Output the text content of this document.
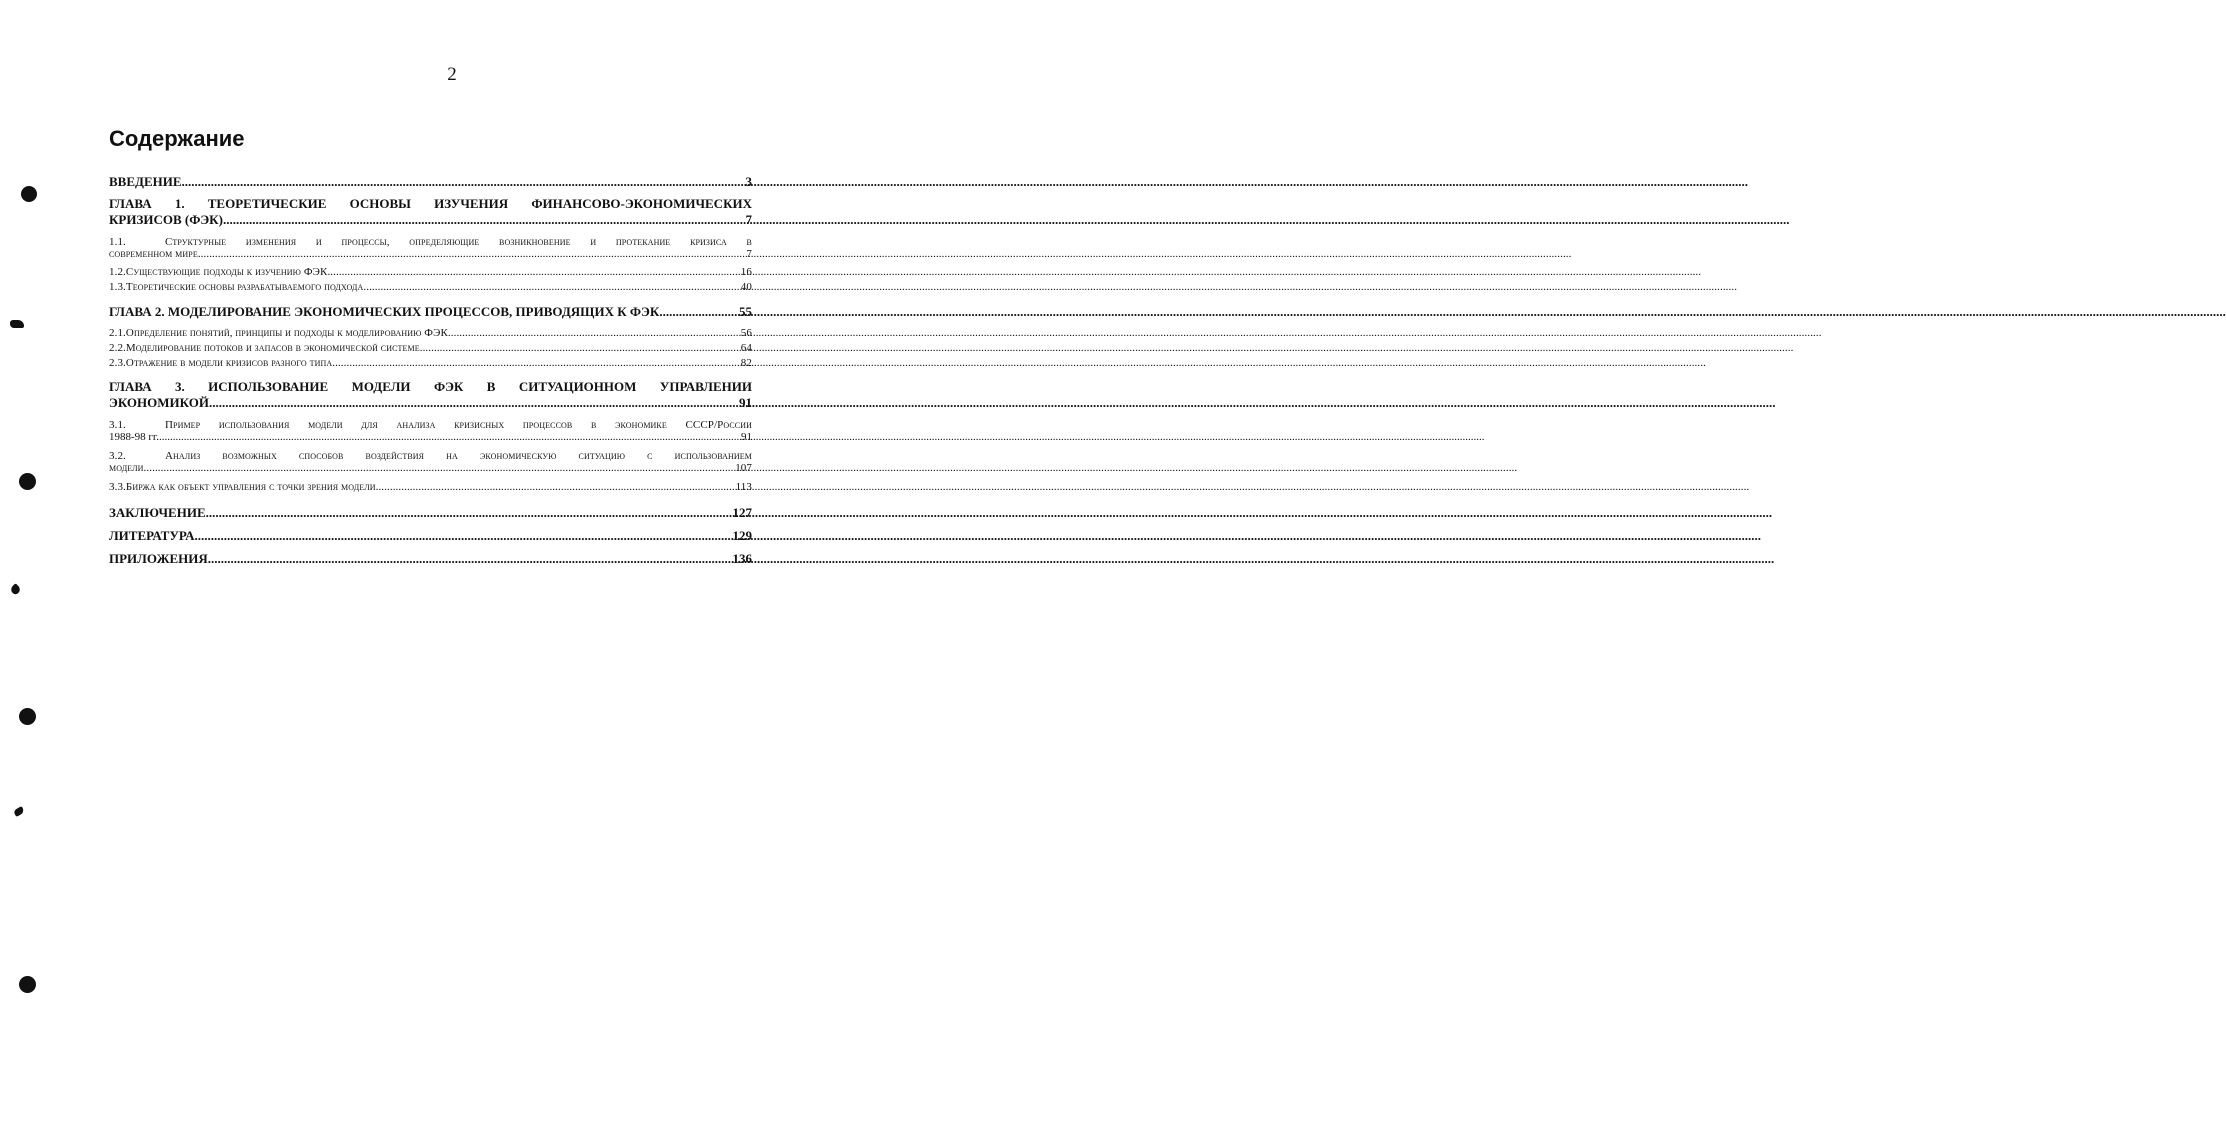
2
Содержание
ВВЕДЕНИЕ .....	3
ГЛАВА 1. ТЕОРЕТИЧЕСКИЕ ОСНОВЫ ИЗУЧЕНИЯ ФИНАНСОВО-ЭКОНОМИЧЕСКИХ
КРИЗИСОВ (ФЭК) .....	7
1.1.	Структурные изменения и процессы, определяющие возникновение и протекание кризиса в
современном мире .....	7
1.2. Существующие подходы к изучению ФЭК .....	16
1.3. Теоретические основы разрабатываемого подхода .....	40
ГЛАВА 2. МОДЕЛИРОВАНИЕ ЭКОНОМИЧЕСКИХ ПРОЦЕССОВ, ПРИВОДЯЩИХ К ФЭК .....	55
2.1. Определение понятий, принципы и подходы к моделированию ФЭК .....	56
2.2. Моделирование потоков и запасов в экономической системе .....	64
2.3. Отражение в модели кризисов разного типа .....	82
ГЛАВА 3. ИСПОЛЬЗОВАНИЕ МОДЕЛИ ФЭК В СИТУАЦИОННОМ УПРАВЛЕНИИ
ЭКОНОМИКОЙ .....	91
3.1.	Пример использования модели для анализа кризисных процессов в экономике СССР/России
1988-98 гг. .....	91
3.2.	Анализ возможных способов воздействия на экономическую ситуацию с использованием
модели .....	107
3.3. Биржа как объект управления с точки зрения модели .....	113
ЗАКЛЮЧЕНИЕ .....	127
ЛИТЕРАТУРА .....	129
ПРИЛОЖЕНИЯ .....	136
